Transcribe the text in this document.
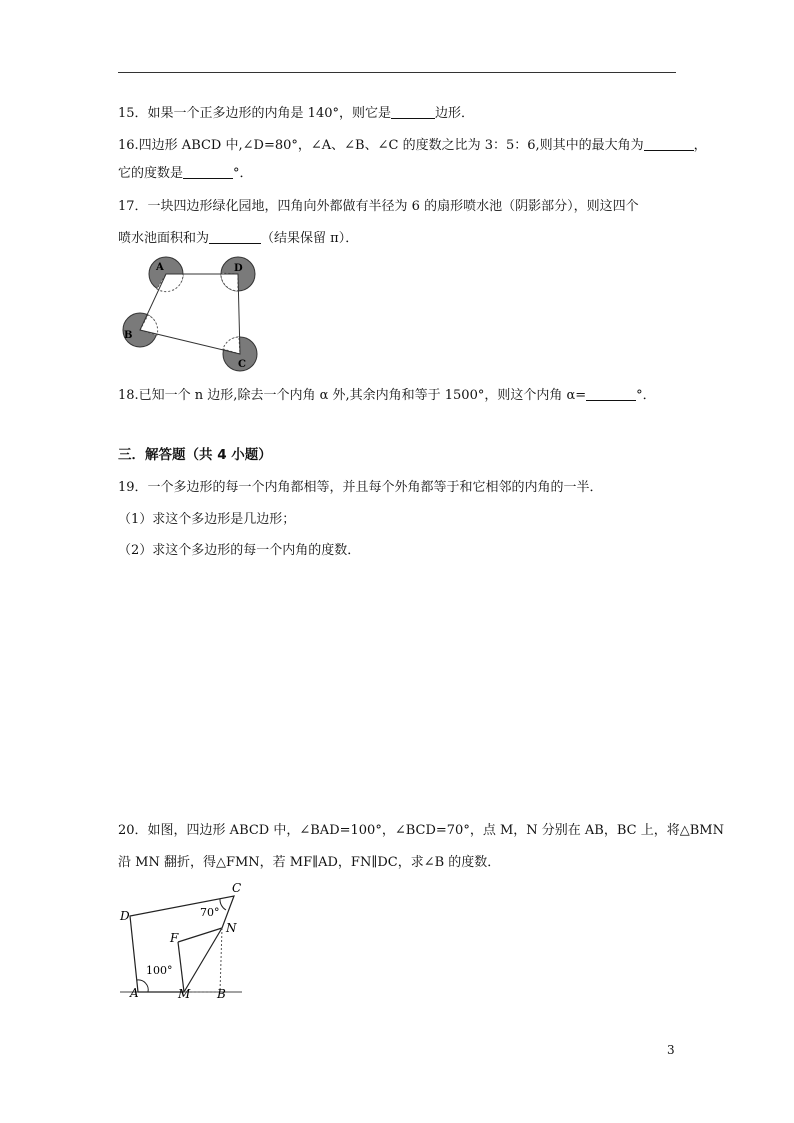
15．如果一个正多边形的内角是 140°，则它是	边形．
16.四边形 ABCD 中,∠D=80°，∠A、∠B、∠C 的度数之比为 3：5：6,则其中的最大角为	，
它的度数是	°．
17．一块四边形绿化园地，四角向外都做有半径为 6 的扇形喷水池（阴影部分），则这四个
喷水池面积和为	（结果保留 π）．
A	D
B
C
18.已知一个 n 边形,除去一个内角 α 外,其余内角和等于 1500°，则这个内角 α=	°．
三．解答题（共 4 小题）
19．一个多边形的每一个内角都相等，并且每个外角都等于和它相邻的内角的一半．
（1）求这个多边形是几边形；
（2）求这个多边形的每一个内角的度数．
20．如图，四边形 ABCD 中，∠BAD=100°，∠BCD=70°，点 M，N 分别在 AB，BC 上，将△BMN
沿 MN 翻折，得△FMN，若 MF∥AD，FN∥DC，求∠B 的度数．
C
D
F
N
A	M B
70°
100°
3
